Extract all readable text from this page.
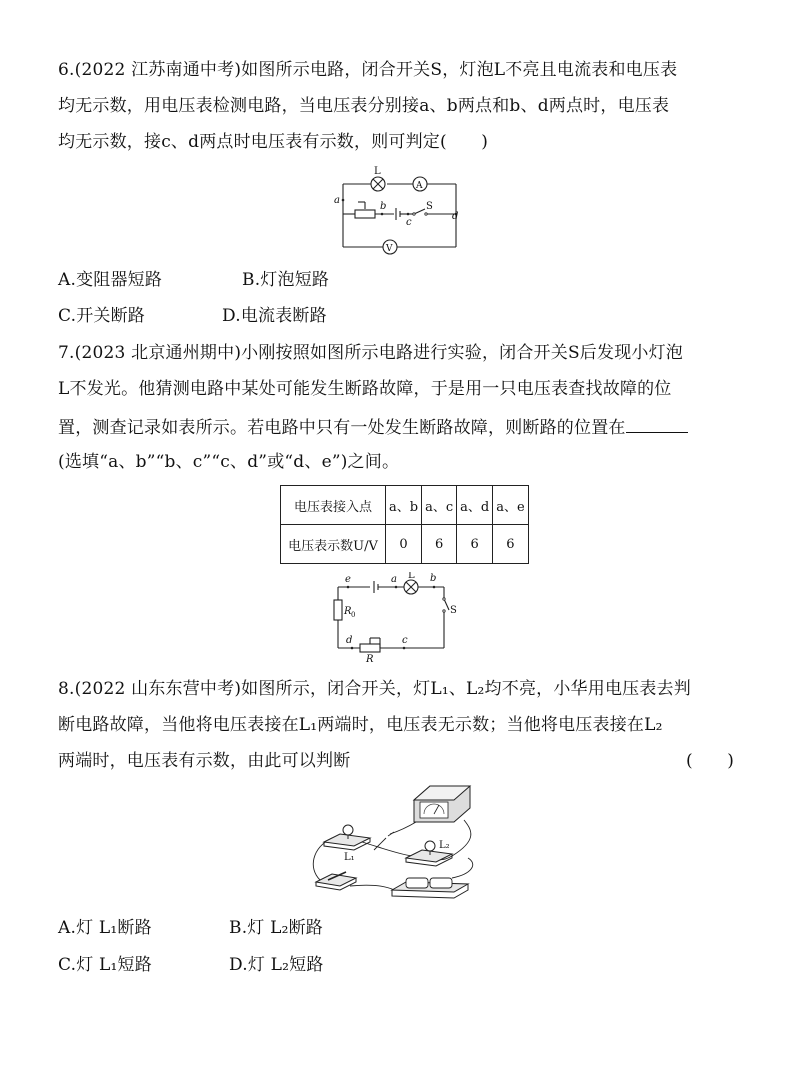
6.(2022 江苏南通中考)如图所示电路，闭合开关S，灯泡L不亮且电流表和电压表
均无示数，用电压表检测电路，当电压表分别接a、b两点和b、d两点时，电压表
均无示数，接c、d两点时电压表有示数，则可判定(　　)
L
A
V
a
b
c
d
S
A.变阻器短路	B.灯泡短路
C.开关断路	D.电流表断路
7.(2023 北京通州期中)小刚按照如图所示电路进行实验，闭合开关S后发现小灯泡
L不发光。他猜测电路中某处可能发生断路故障，于是用一只电压表查找故障的位
置，测查记录如表所示。若电路中只有一处发生断路故障，则断路的位置在
(选填“a、b”“b、c”“c、d”或“d、e”)之间。
电压表接入点	a、b	a、c	a、d	a、e
电压表示数U/V	0	6	6	6
e	a L b
S
R 0
d	c
R
8.(2022 山东东营中考)如图所示，闭合开关，灯L₁、L₂均不亮，小华用电压表去判
断电路故障，当他将电压表接在L₁两端时，电压表无示数；当他将电压表接在L₂
两端时，电压表有示数，由此可以判断	(　　)
L₁
L₂
A.灯 L₁断路	B.灯 L₂断路
C.灯 L₁短路	D.灯 L₂短路
